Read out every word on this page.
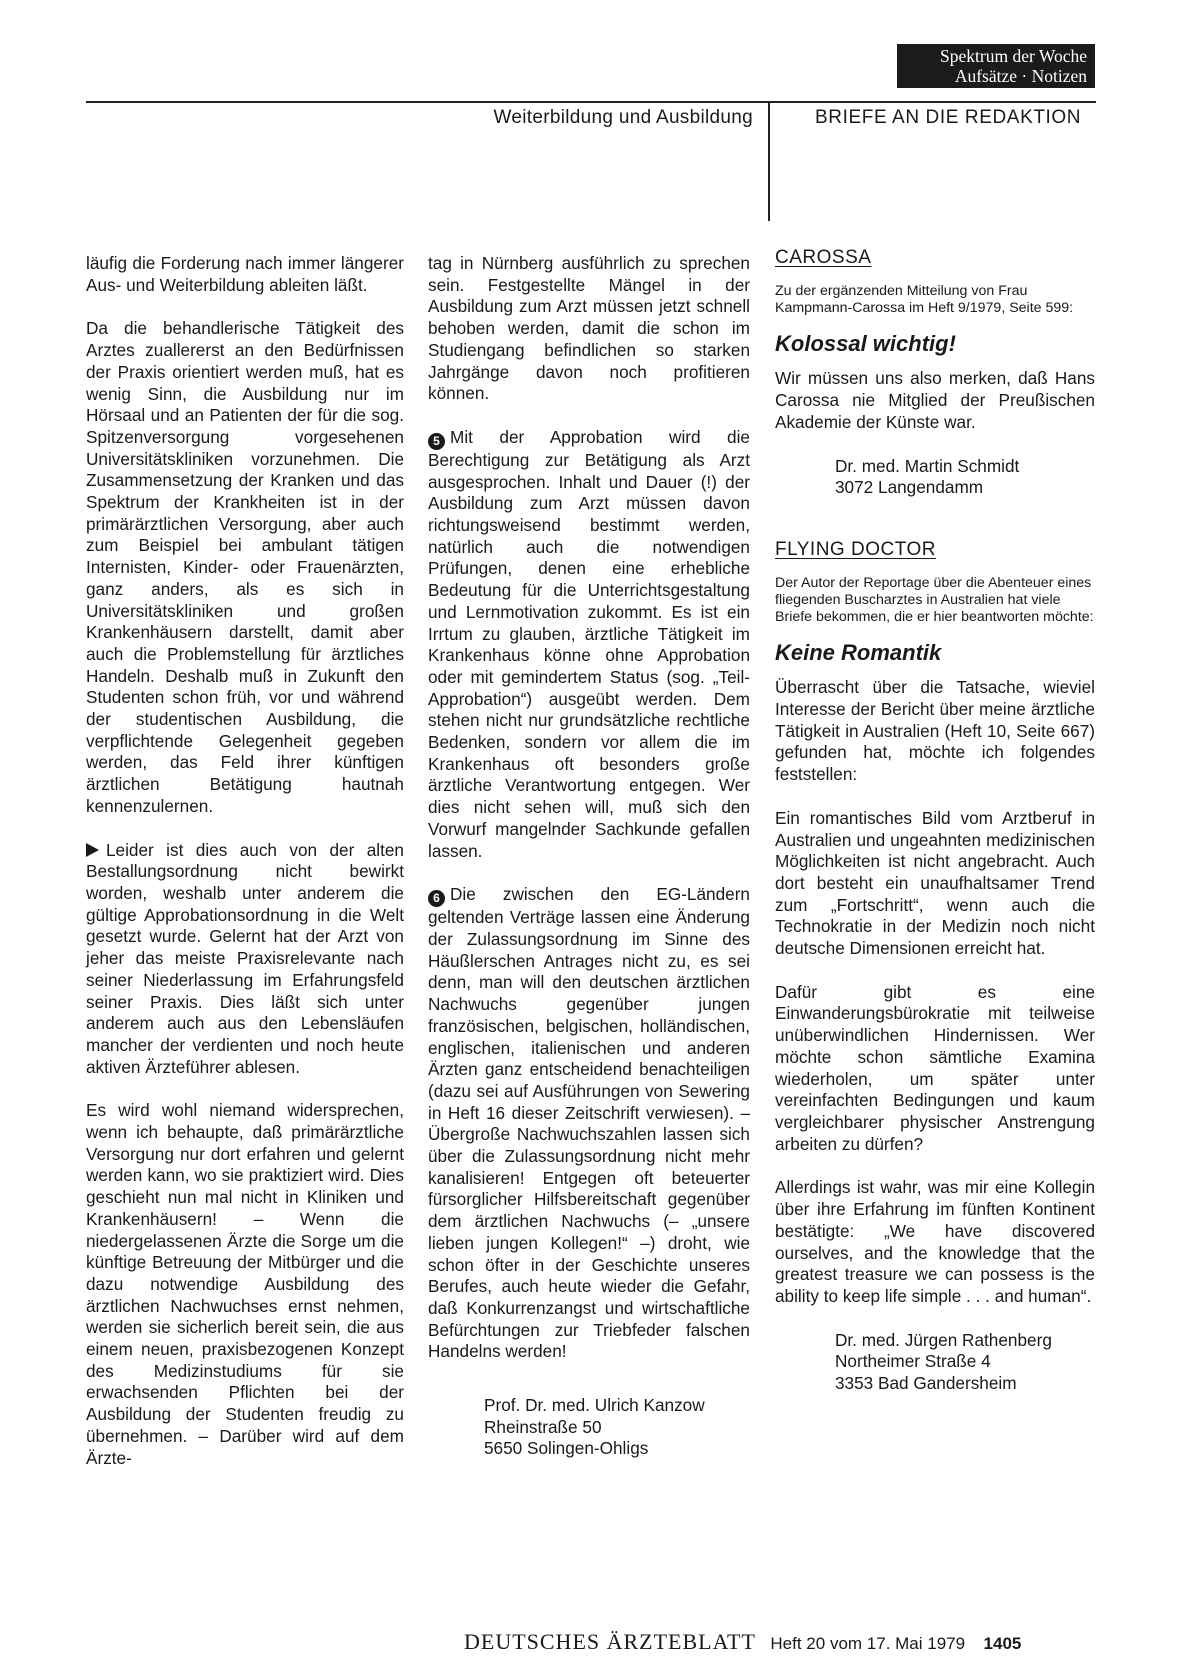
Spektrum der Woche
Aufsätze · Notizen
Weiterbildung und Ausbildung	BRIEFE AN DIE REDAKTION

läufig die Forderung nach immer längerer Aus- und Weiterbildung ableiten läßt.

Da die behandlerische Tätigkeit des Arztes zuallererst an den Bedürfnissen der Praxis orientiert werden muß, hat es wenig Sinn, die Ausbildung nur im Hörsaal und an Patienten der für die sog. Spitzenversorgung vorgesehenen Universitätskliniken vorzunehmen. Die Zusammensetzung der Kranken und das Spektrum der Krankheiten ist in der primärärztlichen Versorgung, aber auch zum Beispiel bei ambulant tätigen Internisten, Kinder- oder Frauenärzten, ganz anders, als es sich in Universitätskliniken und großen Krankenhäusern darstellt, damit aber auch die Problemstellung für ärztliches Handeln. Deshalb muß in Zukunft den Studenten schon früh, vor und während der studentischen Ausbildung, die verpflichtende Gelegenheit gegeben werden, das Feld ihrer künftigen ärztlichen Betätigung hautnah kennenzulernen.

Leider ist dies auch von der alten Bestallungsordnung nicht bewirkt worden, weshalb unter anderem die gültige Approbationsordnung in die Welt gesetzt wurde. Gelernt hat der Arzt von jeher das meiste Praxisrelevante nach seiner Niederlassung im Erfahrungsfeld seiner Praxis. Dies läßt sich unter anderem auch aus den Lebensläufen mancher der verdienten und noch heute aktiven Ärzteführer ablesen.

Es wird wohl niemand widersprechen, wenn ich behaupte, daß primärärztliche Versorgung nur dort erfahren und gelernt werden kann, wo sie praktiziert wird. Dies geschieht nun mal nicht in Kliniken und Krankenhäusern! – Wenn die niedergelassenen Ärzte die Sorge um die künftige Betreuung der Mitbürger und die dazu notwendige Ausbildung des ärztlichen Nachwuchses ernst nehmen, werden sie sicherlich bereit sein, die aus einem neuen, praxisbezogenen Konzept des Medizinstudiums für sie erwachsenden Pflichten bei der Ausbildung der Studenten freudig zu übernehmen. – Darüber wird auf dem Ärzte-

tag in Nürnberg ausführlich zu sprechen sein. Festgestellte Mängel in der Ausbildung zum Arzt müssen jetzt schnell behoben werden, damit die schon im Studiengang befindlichen so starken Jahrgänge davon noch profitieren können.

5 Mit der Approbation wird die Berechtigung zur Betätigung als Arzt ausgesprochen. Inhalt und Dauer (!) der Ausbildung zum Arzt müssen davon richtungsweisend bestimmt werden, natürlich auch die notwendigen Prüfungen, denen eine erhebliche Bedeutung für die Unterrichtsgestaltung und Lernmotivation zukommt. Es ist ein Irrtum zu glauben, ärztliche Tätigkeit im Krankenhaus könne ohne Approbation oder mit gemindertem Status (sog. „Teil-Approbation“) ausgeübt werden. Dem stehen nicht nur grundsätzliche rechtliche Bedenken, sondern vor allem die im Krankenhaus oft besonders große ärztliche Verantwortung entgegen. Wer dies nicht sehen will, muß sich den Vorwurf mangelnder Sachkunde gefallen lassen.

6 Die zwischen den EG-Ländern geltenden Verträge lassen eine Änderung der Zulassungsordnung im Sinne des Häußlerschen Antrages nicht zu, es sei denn, man will den deutschen ärztlichen Nachwuchs gegenüber jungen französischen, belgischen, holländischen, englischen, italienischen und anderen Ärzten ganz entscheidend benachteiligen (dazu sei auf Ausführungen von Sewering in Heft 16 dieser Zeitschrift verwiesen). – Übergroße Nachwuchszahlen lassen sich über die Zulassungsordnung nicht mehr kanalisieren! Entgegen oft beteuerter fürsorglicher Hilfsbereitschaft gegenüber dem ärztlichen Nachwuchs (– „unsere lieben jungen Kollegen!“ –) droht, wie schon öfter in der Geschichte unseres Berufes, auch heute wieder die Gefahr, daß Konkurrenzangst und wirtschaftliche Befürchtungen zur Triebfeder falschen Handelns werden!

Prof. Dr. med. Ulrich Kanzow
Rheinstraße 50
5650 Solingen-Ohligs

CAROSSA

Zu der ergänzenden Mitteilung von Frau Kampmann-Carossa im Heft 9/1979, Seite 599:

Kolossal wichtig!

Wir müssen uns also merken, daß Hans Carossa nie Mitglied der Preußischen Akademie der Künste war.

Dr. med. Martin Schmidt
3072 Langendamm

FLYING DOCTOR

Der Autor der Reportage über die Abenteuer eines fliegenden Buscharztes in Australien hat viele Briefe bekommen, die er hier beantworten möchte:

Keine Romantik

Überrascht über die Tatsache, wieviel Interesse der Bericht über meine ärztliche Tätigkeit in Australien (Heft 10, Seite 667) gefunden hat, möchte ich folgendes feststellen:

Ein romantisches Bild vom Arztberuf in Australien und ungeahnten medizinischen Möglichkeiten ist nicht angebracht. Auch dort besteht ein unaufhaltsamer Trend zum „Fortschritt“, wenn auch die Technokratie in der Medizin noch nicht deutsche Dimensionen erreicht hat.

Dafür gibt es eine Einwanderungsbürokratie mit teilweise unüberwindlichen Hindernissen. Wer möchte schon sämtliche Examina wiederholen, um später unter vereinfachten Bedingungen und kaum vergleichbarer physischer Anstrengung arbeiten zu dürfen?

Allerdings ist wahr, was mir eine Kollegin über ihre Erfahrung im fünften Kontinent bestätigte: „We have discovered ourselves, and the knowledge that the greatest treasure we can possess is the ability to keep life simple . . . and human“.

Dr. med. Jürgen Rathenberg
Northeimer Straße 4
3353 Bad Gandersheim
DEUTSCHES ÄRZTEBLATT Heft 20 vom 17. Mai 1979 1405
